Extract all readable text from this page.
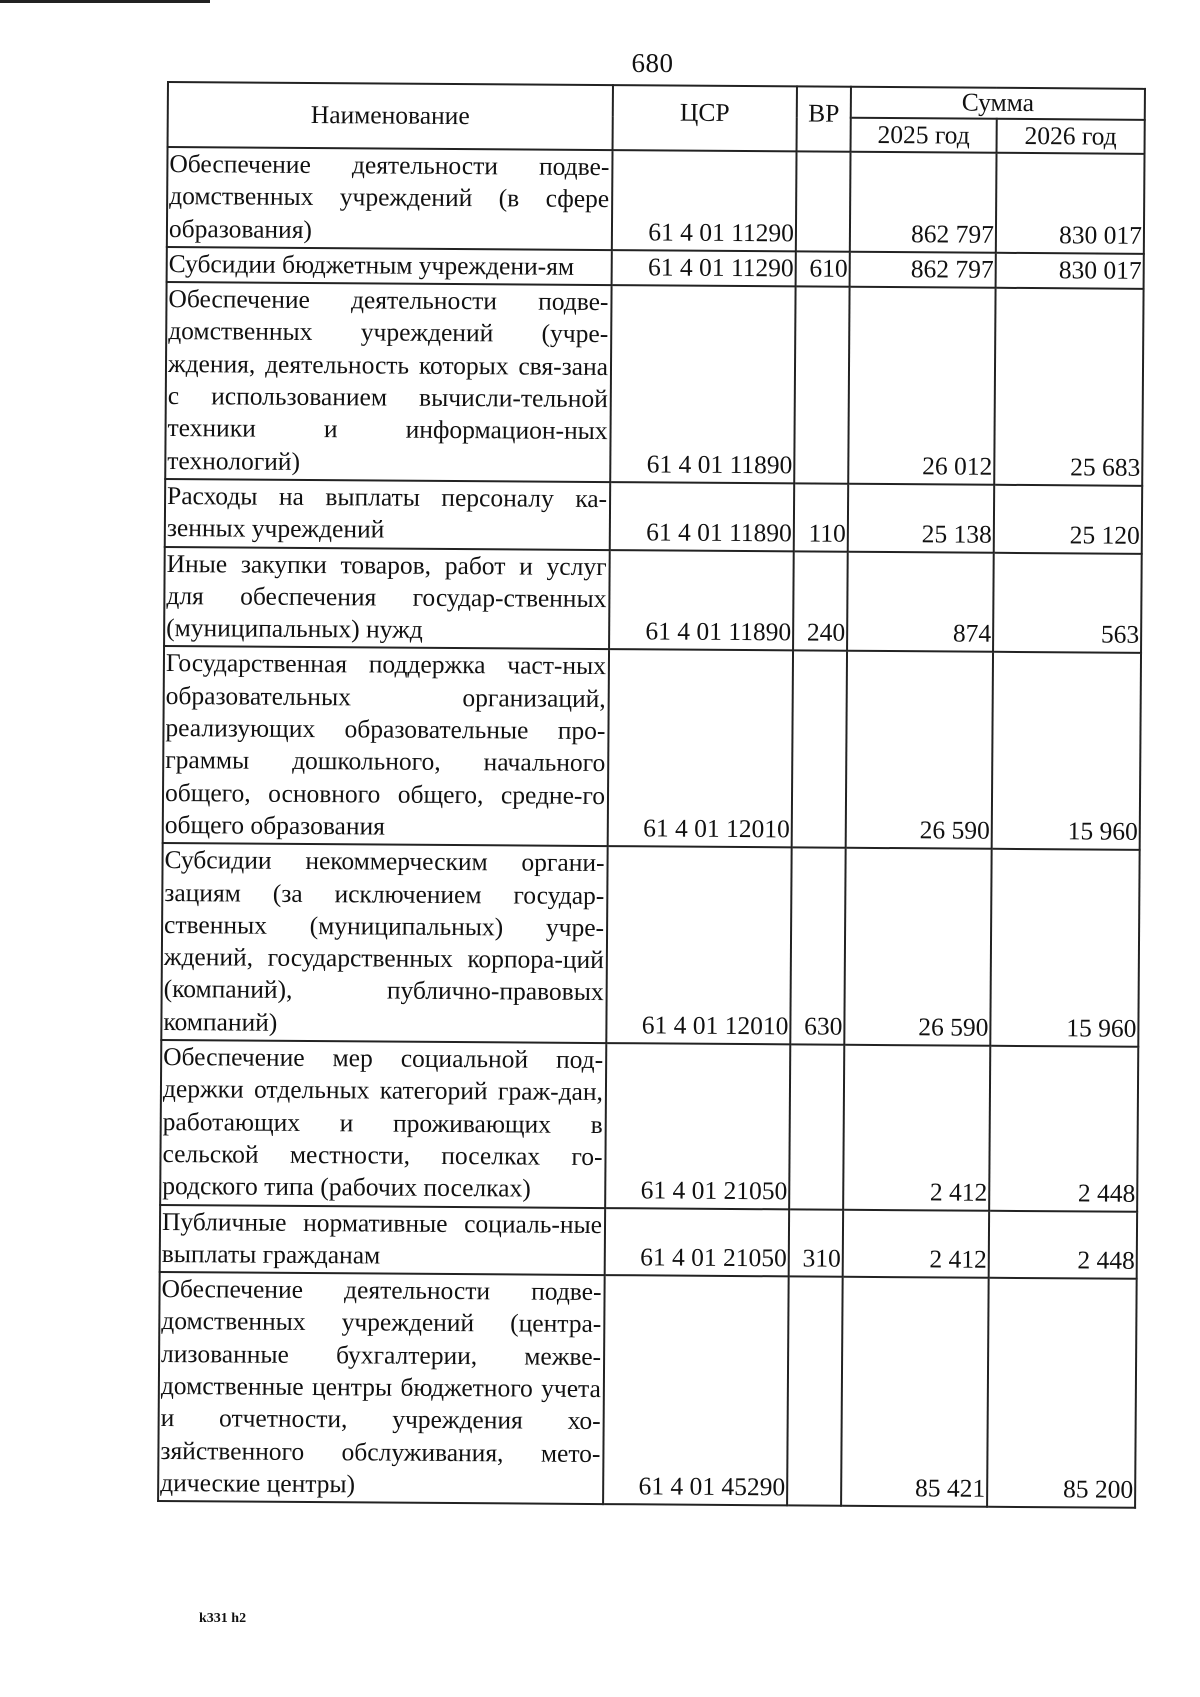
680
Наименование	ЦСР	ВР	Сумма	
			2025 год	2026 год
Обеспечение деятельности подве-домственных учреждений (в сфере образования)	61 4 01 11290		862 797	830 017
Субсидии бюджетным учреждени-ям	61 4 01 11290	610	862 797	830 017
Обеспечение деятельности подве-домственных учреждений (учре-ждения, деятельность которых свя-зана с использованием вычисли-тельной техники и информацион-ных технологий)	61 4 01 11890		26 012	25 683
Расходы на выплаты персоналу ка-зенных учреждений	61 4 01 11890	110	25 138	25 120
Иные закупки товаров, работ и услуг для обеспечения государ-ственных (муниципальных) нужд	61 4 01 11890	240	874	563
Государственная поддержка част-ных образовательных организаций, реализующих образовательные про-граммы дошкольного, начального общего, основного общего, средне-го общего образования	61 4 01 12010		26 590	15 960
Субсидии некоммерческим органи-зациям (за исключением государ-ственных (муниципальных) учре-ждений, государственных корпора-ций (компаний), публично-правовых компаний)	61 4 01 12010	630	26 590	15 960
Обеспечение мер социальной под-держки отдельных категорий граж-дан, работающих и проживающих в сельской местности, поселках го-родского типа (рабочих поселках)	61 4 01 21050		2 412	2 448
Публичные нормативные социаль-ные выплаты гражданам	61 4 01 21050	310	2 412	2 448
Обеспечение деятельности подве-домственных учреждений (центра-лизованные бухгалтерии, межве-домственные центры бюджетного учета и отчетности, учреждения хо-зяйственного обслуживания, мето-дические центры)	61 4 01 45290		85 421	85 200
k331 h2
